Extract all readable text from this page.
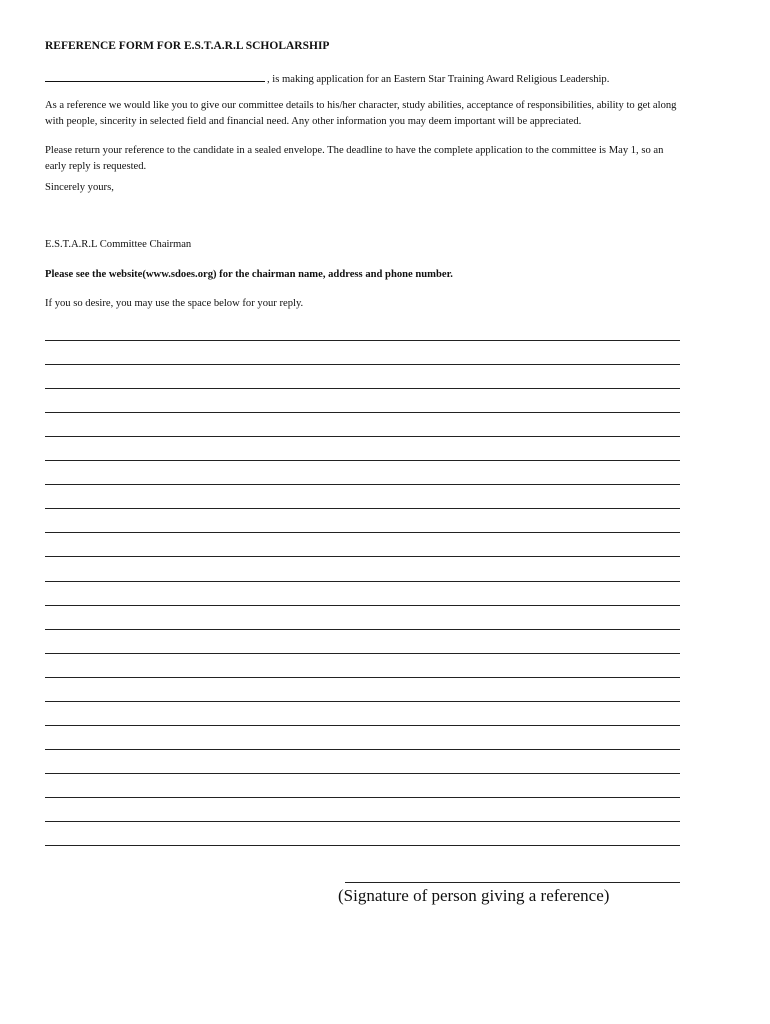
REFERENCE FORM FOR E.S.T.A.R.L SCHOLARSHIP
, is making application for an Eastern Star Training Award Religious Leadership.
As a reference we would like you to give our committee details to his/her character, study abilities, acceptance of responsibilities, ability to get along with people, sincerity in selected field and financial need. Any other information you may deem important will be appreciated.
Please return your reference to the candidate in a sealed envelope. The deadline to have the complete application to the committee is May 1, so an early reply is requested.
Sincerely yours,
E.S.T.A.R.L Committee Chairman
Please see the website(www.sdoes.org) for the chairman name, address and phone number.
If you so desire, you may use the space below for your reply.
(Signature of person giving a reference)
